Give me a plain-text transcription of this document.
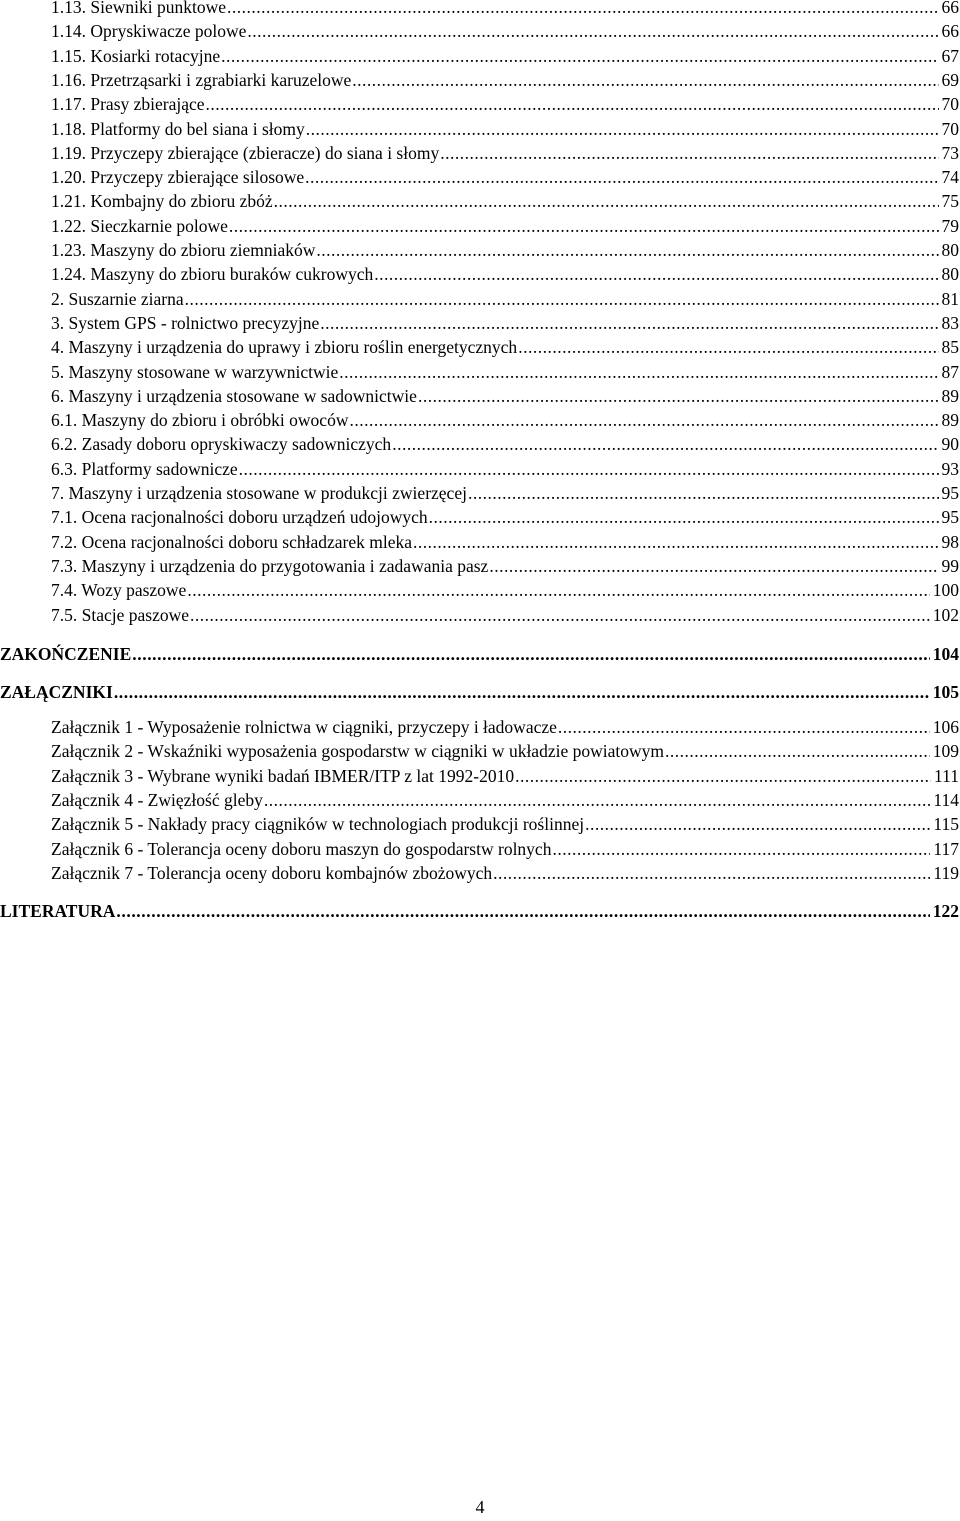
1.13. Siewniki punktowe .....	66
1.14. Opryskiwacze polowe .....	66
1.15. Kosiarki rotacyjne .....	67
1.16. Przetrząsarki i zgrabiarki karuzelowe .....	69
1.17. Prasy zbierające .....	70
1.18. Platformy do bel siana i słomy .....	70
1.19. Przyczepy zbierające (zbieracze) do siana i słomy .....	73
1.20. Przyczepy zbierające silosowe .....	74
1.21. Kombajny do zbioru zbóż .....	75
1.22. Sieczkarnie polowe .....	79
1.23. Maszyny do zbioru ziemniaków .....	80
1.24. Maszyny do zbioru buraków cukrowych .....	80
2. Suszarnie ziarna .....	81
3. System GPS - rolnictwo precyzyjne .....	83
4. Maszyny i urządzenia do uprawy i zbioru roślin energetycznych .....	85
5. Maszyny stosowane w warzywnictwie .....	87
6. Maszyny i urządzenia stosowane w sadownictwie .....	89
6.1. Maszyny do zbioru i obróbki owoców .....	89
6.2. Zasady doboru opryskiwaczy sadowniczych .....	90
6.3. Platformy sadownicze .....	93
7. Maszyny i urządzenia stosowane w produkcji zwierzęcej .....	95
7.1. Ocena racjonalności doboru urządzeń udojowych .....	95
7.2. Ocena racjonalności doboru schładzarek mleka .....	98
7.3. Maszyny i urządzenia do przygotowania i zadawania pasz .....	99
7.4. Wozy paszowe .....	100
7.5. Stacje paszowe .....	102
ZAKOŃCZENIE .....	104
ZAŁĄCZNIKI .....	105
Załącznik 1 - Wyposażenie rolnictwa w ciągniki, przyczepy i ładowacze .....	106
Załącznik 2 - Wskaźniki wyposażenia gospodarstw w ciągniki w układzie powiatowym .....	109
Załącznik 3 - Wybrane wyniki badań IBMER/ITP z lat 1992-2010 .....	111
Załącznik 4 - Zwięzłość gleby .....	114
Załącznik 5 - Nakłady pracy ciągników w technologiach produkcji roślinnej .....	115
Załącznik 6 - Tolerancja oceny doboru maszyn do gospodarstw rolnych .....	117
Załącznik 7 - Tolerancja oceny doboru kombajnów zbożowych .....	119
LITERATURA .....	122
4
